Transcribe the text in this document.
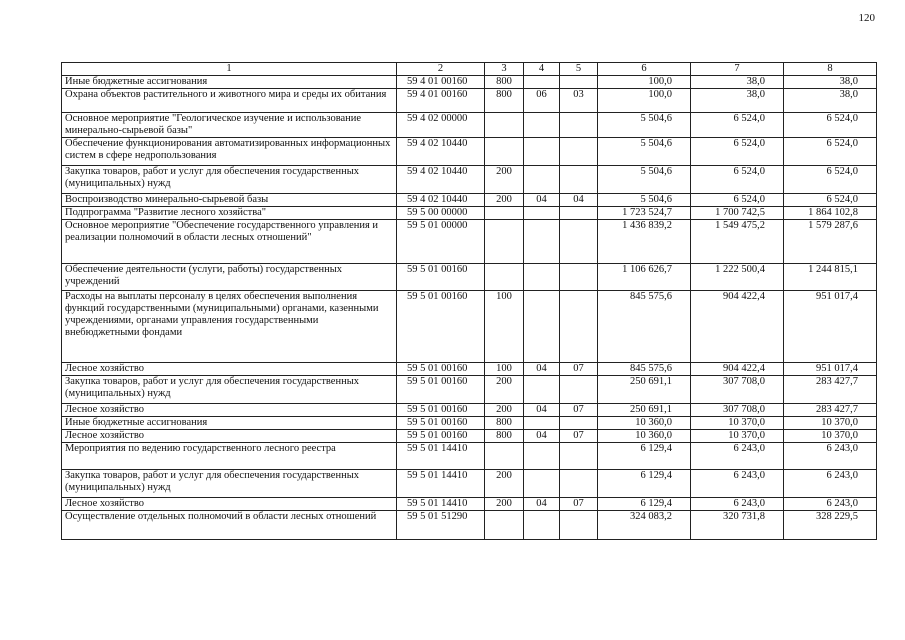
120
1	2	3	4	5	6	7	8
Иные бюджетные ассигнования	59 4 01 00160	800			100,0	38,0	38,0
Охрана объектов растительного и животного мира и среды их обитания	59 4 01 00160	800	06	03	100,0	38,0	38,0
Основное мероприятие "Геологическое изучение и использование минерально-сырьевой базы"	59 4 02 00000				5 504,6	6 524,0	6 524,0
Обеспечение функционирования автоматизированных информационных систем в сфере недропользования	59 4 02 10440				5 504,6	6 524,0	6 524,0
Закупка товаров, работ и услуг для обеспечения государственных (муниципальных) нужд	59 4 02 10440	200			5 504,6	6 524,0	6 524,0
Воспроизводство минерально-сырьевой базы	59 4 02 10440	200	04	04	5 504,6	6 524,0	6 524,0
Подпрограмма "Развитие лесного хозяйства"	59 5 00 00000				1 723 524,7	1 700 742,5	1 864 102,8
Основное мероприятие "Обеспечение государственного управления и реализации полномочий в области лесных отношений"	59 5 01 00000				1 436 839,2	1 549 475,2	1 579 287,6
Обеспечение деятельности (услуги, работы) государственных учреждений	59 5 01 00160				1 106 626,7	1 222 500,4	1 244 815,1
Расходы на выплаты персоналу в целях обеспечения выполнения функций государственными (муниципальными) органами, казенными учреждениями, органами управления государственными внебюджетными фондами	59 5 01 00160	100			845 575,6	904 422,4	951 017,4
Лесное хозяйство	59 5 01 00160	100	04	07	845 575,6	904 422,4	951 017,4
Закупка товаров, работ и услуг для обеспечения государственных (муниципальных) нужд	59 5 01 00160	200			250 691,1	307 708,0	283 427,7
Лесное хозяйство	59 5 01 00160	200	04	07	250 691,1	307 708,0	283 427,7
Иные бюджетные ассигнования	59 5 01 00160	800			10 360,0	10 370,0	10 370,0
Лесное хозяйство	59 5 01 00160	800	04	07	10 360,0	10 370,0	10 370,0
Мероприятия по ведению государственного лесного реестра	59 5 01 14410				6 129,4	6 243,0	6 243,0
Закупка товаров, работ и услуг для обеспечения государственных (муниципальных) нужд	59 5 01 14410	200			6 129,4	6 243,0	6 243,0
Лесное хозяйство	59 5 01 14410	200	04	07	6 129,4	6 243,0	6 243,0
Осуществление отдельных полномочий в области лесных отношений	59 5 01 51290				324 083,2	320 731,8	328 229,5
